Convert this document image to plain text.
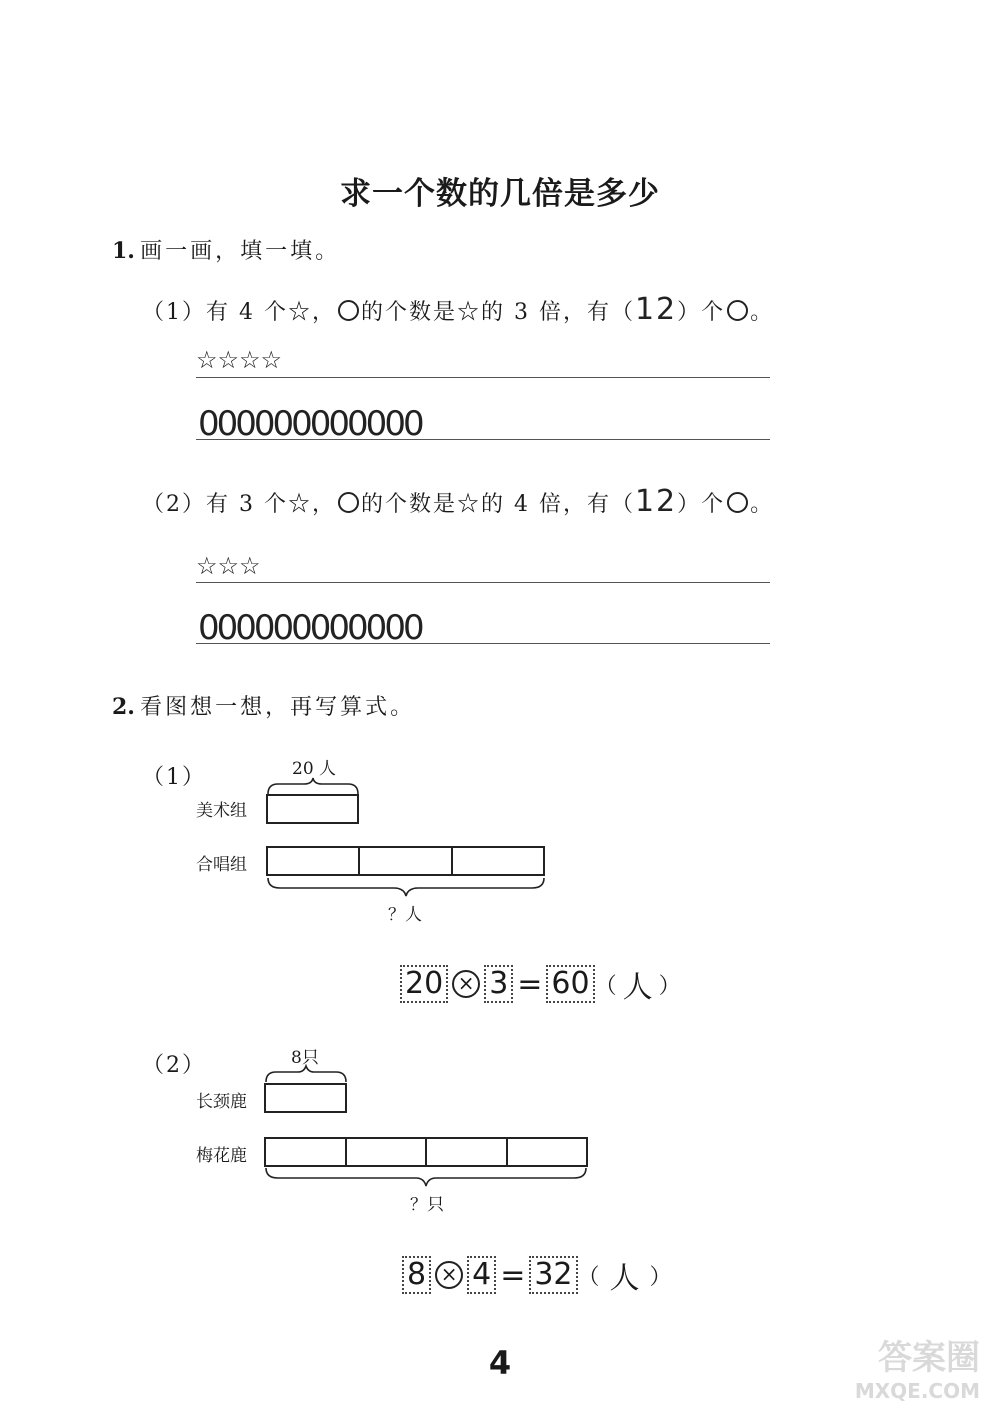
求一个数的几倍是多少
1. 画一画，填一填。
（1）有 4 个☆， 的个数是☆的 3 倍，有（12）个 。
☆☆☆☆
000000000000
（2）有 3 个☆， 的个数是☆的 4 倍，有（12）个 。
☆☆☆
000000000000
2. 看图想一想，再写算式。
（1）	20 人
美术组
合唱组
？人
20 × 3 = 60 （ 人 ）
（2）	8只
长颈鹿
梅花鹿
？只
8 × 4 = 32 （ 人 ）
4	答案圈
MXQE.COM
